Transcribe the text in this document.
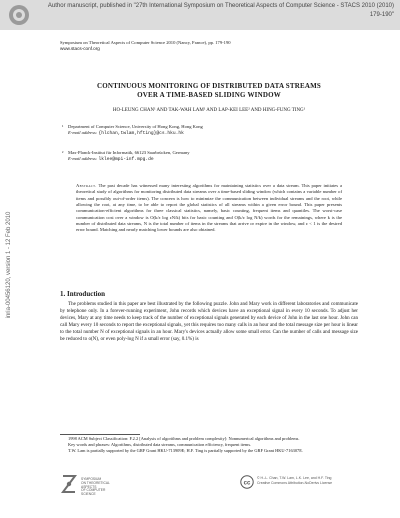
Author manuscript, published in "27th International Symposium on Theoretical Aspects of Computer Science - STACS 2010 (2010)
179-190"
inria-00456120, version 1 - 12 Feb 2010
Symposium on Theoretical Aspects of Computer Science 2010 (Nancy, France), pp. 179-190
www.stacs-conf.org
CONTINUOUS MONITORING OF DISTRIBUTED DATA STREAMS
OVER A TIME-BASED SLIDING WINDOW
HO-LEUNG CHAN¹ AND TAK-WAH LAM¹ AND LAP-KEI LEE² AND HING-FUNG TING¹
¹ Department of Computer Science, University of Hong Kong, Hong Kong
E-mail address: {hlchan,twlam,hfting}@cs.hku.hk
² Max-Planck-Institut für Informatik, 66123 Saarbrücken, Germany
E-mail address: lklee@mpi-inf.mpg.de
Abstract. The past decade has witnessed many interesting algorithms for maintaining statistics over a data stream. This paper initiates a theoretical study of algorithms for monitoring distributed data streams over a time-based sliding window (which contains a variable number of items and possibly out-of-order items). The concern is how to minimize the communication between individual streams and the root, while allowing the root, at any time, to be able to report the global statistics of all streams within a given error bound. This paper presents communication-efficient algorithms for three classical statistics, namely, basic counting, frequent items and quantiles. The worst-case communication cost over a window is O(k/ε log εN/k) bits for basic counting and O(k/ε log N/k) words for the remainings, where k is the number of distributed data streams, N is the total number of items in the streams that arrive or expire in the window, and ε < 1 is the desired error bound. Matching and nearly matching lower bounds are also obtained.
1. Introduction

The problems studied in this paper are best illustrated by the following puzzle. John and Mary work in different laboratories and communicate by telephone only. In a forever-running experiment, John records which devices have an exceptional signal in every 10 seconds. To adjust her devices, Mary at any time needs to keep track of the number of exceptional signals generated by each device of John in the last one hour. John can call Mary every 10 seconds to report the exceptional signals, yet this requires too many calls in an hour and the total message size per hour is linear to the total number N of exceptional signals in an hour. Mary's devices actually allow some small error. Can the number of calls and message size be reduced to o(N), or even poly-log N if a small error (say, 0.1%) is

1998 ACM Subject Classification: F.2.2 [Analysis of algorithms and problem complexity]: Nonnumerical algorithms and problems.

Key words and phrases: Algorithms, distributed data streams, communication efficiency, frequent items.

T.W. Lam is partially supported by the GRF Grant HKU-713909E; H.F. Ting is partially supported by the GRF Grant HKU-716307E.

SYMPOSIUM
ON THEORETICAL
ASPECTS
OF COMPUTER
SCIENCE
cc
© H.-L. Chan, T.W. Lam, L.K. Lee, and H.F. Ting
Creative Commons Attribution-NoDerivs License
